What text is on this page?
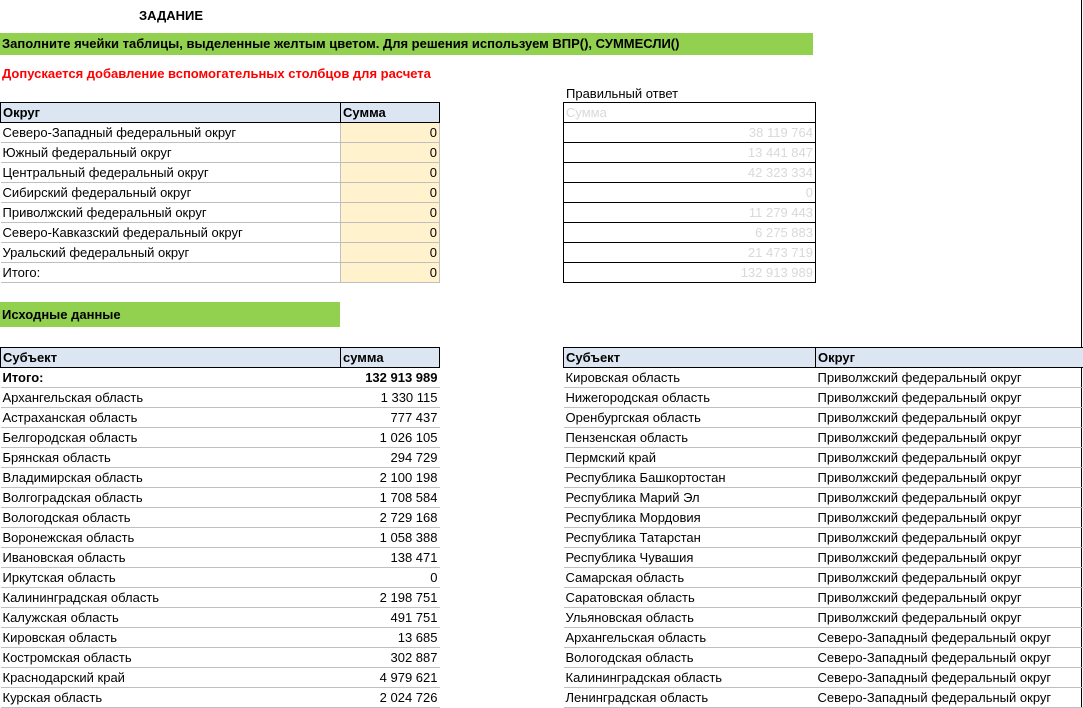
ЗАДАНИЕ
Заполните ячейки таблицы, выделенные желтым цветом. Для решения используем ВПР(), СУММЕСЛИ()
Допускается добавление вспомогательных столбцов для расчета
Правильный ответ
Округ	Сумма
Северо-Западный федеральный округ	0
Южный федеральный округ	0
Центральный федеральный округ	0
Сибирский федеральный округ	0
Приволжский федеральный округ	0
Северо-Кавказский федеральный округ	0
Уральский федеральный округ	0
Итого:	0
Сумма
38 119 764
13 441 847
42 323 334
0
11 279 443
6 275 883
21 473 719
132 913 989
Исходные данные
Субъект	сумма
Итого:	132 913 989
Архангельская область	1 330 115
Астраханская область	777 437
Белгородская область	1 026 105
Брянская область	294 729
Владимирская область	2 100 198
Волгоградская область	1 708 584
Вологодская область	2 729 168
Воронежская область	1 058 388
Ивановская область	138 471
Иркутская область	0
Калининградская область	2 198 751
Калужская область	491 751
Кировская область	13 685
Костромская область	302 887
Краснодарский край	4 979 621
Курская область	2 024 726
Субъект	Округ
Кировская область	Приволжский федеральный округ
Нижегородская область	Приволжский федеральный округ
Оренбургская область	Приволжский федеральный округ
Пензенская область	Приволжский федеральный округ
Пермский край	Приволжский федеральный округ
Республика Башкортостан	Приволжский федеральный округ
Республика Марий Эл	Приволжский федеральный округ
Республика Мордовия	Приволжский федеральный округ
Республика Татарстан	Приволжский федеральный округ
Республика Чувашия	Приволжский федеральный округ
Самарская область	Приволжский федеральный округ
Саратовская область	Приволжский федеральный округ
Ульяновская область	Приволжский федеральный округ
Архангельская область	Северо-Западный федеральный округ
Вологодская область	Северо-Западный федеральный округ
Калининградская область	Северо-Западный федеральный округ
Ленинградская область	Северо-Западный федеральный округ
